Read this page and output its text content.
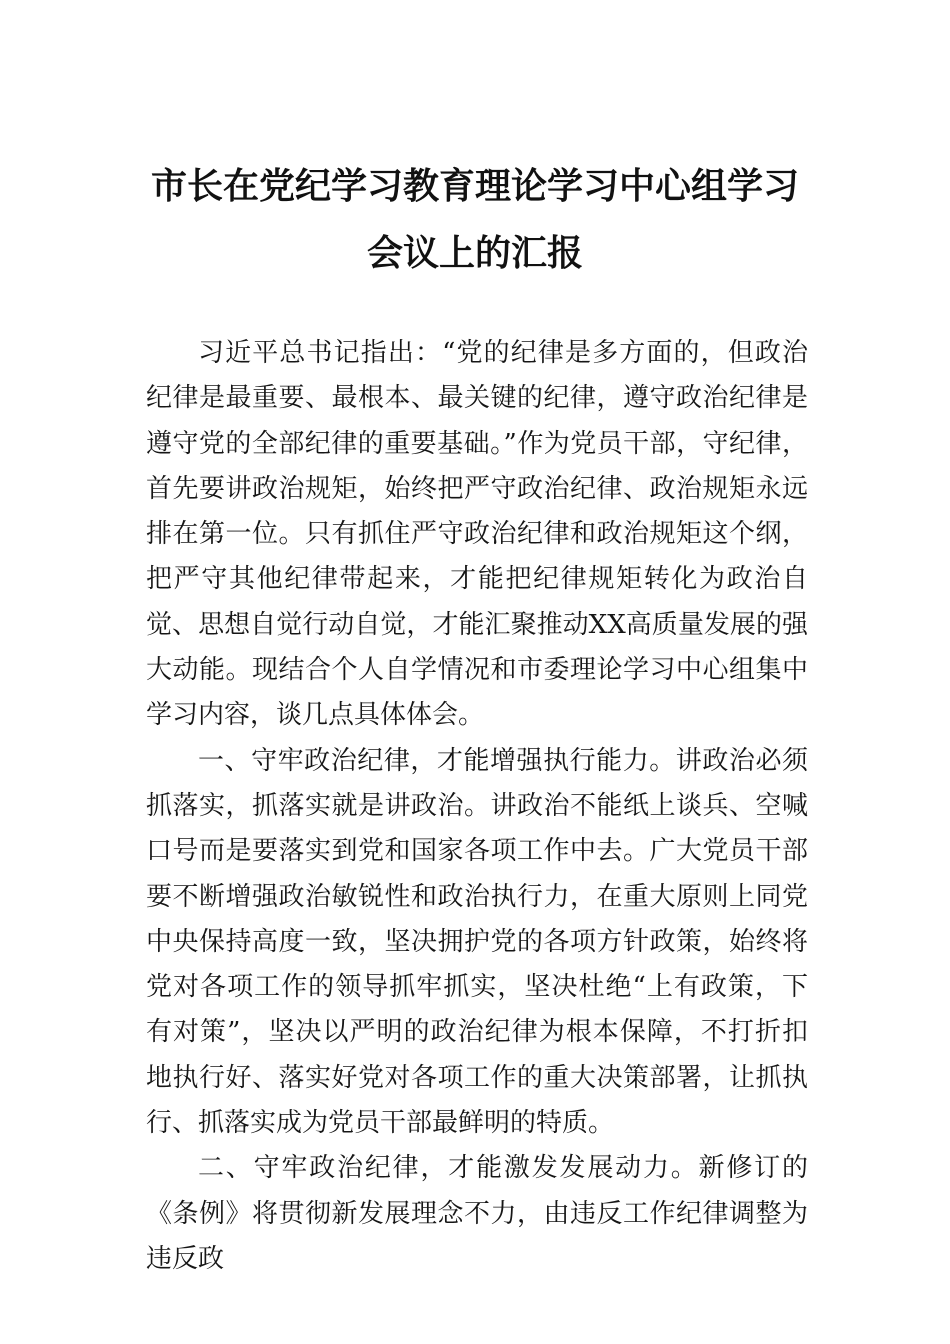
市长在党纪学习教育理论学习中心组学习
会议上的汇报

习近平总书记指出：“党的纪律是多方面的，但政治纪律是最重要、最根本、最关键的纪律，遵守政治纪律是遵守党的全部纪律的重要基础。”作为党员干部，守纪律，首先要讲政治规矩，始终把严守政治纪律、政治规矩永远排在第一位。只有抓住严守政治纪律和政治规矩这个纲，把严守其他纪律带起来，才能把纪律规矩转化为政治自觉、思想自觉行动自觉，才能汇聚推动XX高质量发展的强大动能。现结合个人自学情况和市委理论学习中心组集中学习内容，谈几点具体体会。

一、守牢政治纪律，才能增强执行能力。讲政治必须抓落实，抓落实就是讲政治。讲政治不能纸上谈兵、空喊口号而是要落实到党和国家各项工作中去。广大党员干部要不断增强政治敏锐性和政治执行力，在重大原则上同党中央保持高度一致，坚决拥护党的各项方针政策，始终将党对各项工作的领导抓牢抓实，坚决杜绝“上有政策，下有对策”，坚决以严明的政治纪律为根本保障，不打折扣地执行好、落实好党对各项工作的重大决策部署，让抓执行、抓落实成为党员干部最鲜明的特质。

二、守牢政治纪律，才能激发发展动力。新修订的《条例》将贯彻新发展理念不力，由违反工作纪律调整为违反政
